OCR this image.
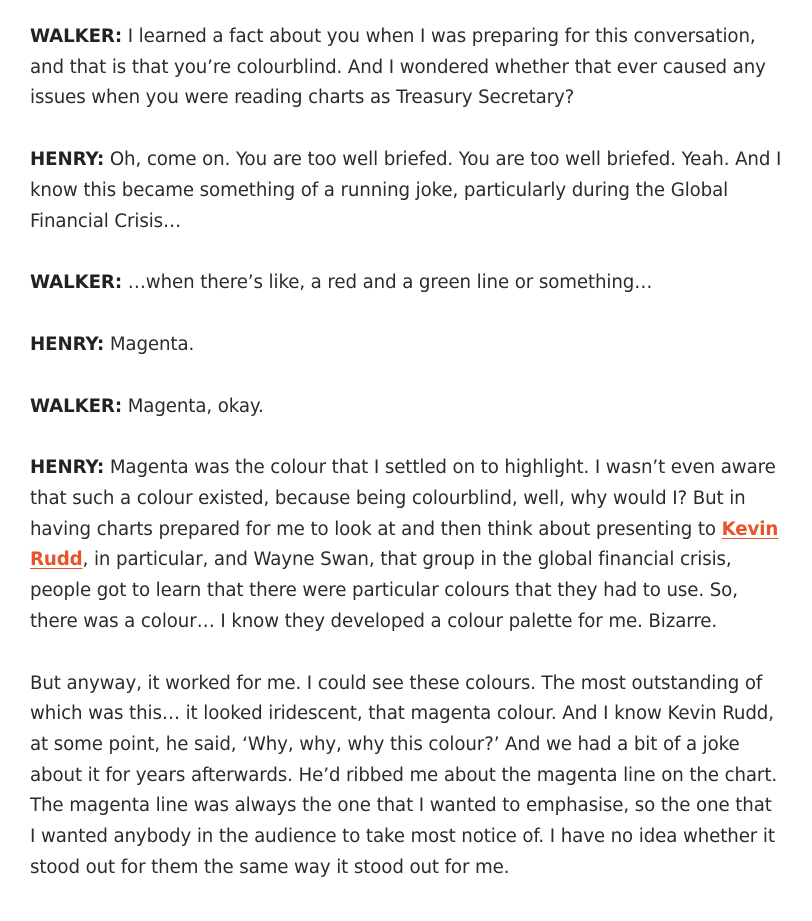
WALKER: I learned a fact about you when I was preparing for this conversation, and that is that you’re colourblind. And I wondered whether that ever caused any issues when you were reading charts as Treasury Secretary?

HENRY: Oh, come on. You are too well briefed. You are too well briefed. Yeah. And I know this became something of a running joke, particularly during the Global Financial Crisis…

WALKER: …when there’s like, a red and a green line or something…

HENRY: Magenta.

WALKER: Magenta, okay.

HENRY: Magenta was the colour that I settled on to highlight. I wasn’t even aware that such a colour existed, because being colourblind, well, why would I? But in having charts prepared for me to look at and then think about presenting to Kevin Rudd, in particular, and Wayne Swan, that group in the global financial crisis, people got to learn that there were particular colours that they had to use. So, there was a colour… I know they developed a colour palette for me. Bizarre.

But anyway, it worked for me. I could see these colours. The most outstanding of which was this… it looked iridescent, that magenta colour. And I know Kevin Rudd, at some point, he said, ‘Why, why, why this colour?’ And we had a bit of a joke about it for years afterwards. He’d ribbed me about the magenta line on the chart. The magenta line was always the one that I wanted to emphasise, so the one that I wanted anybody in the audience to take most notice of. I have no idea whether it stood out for them the same way it stood out for me.
